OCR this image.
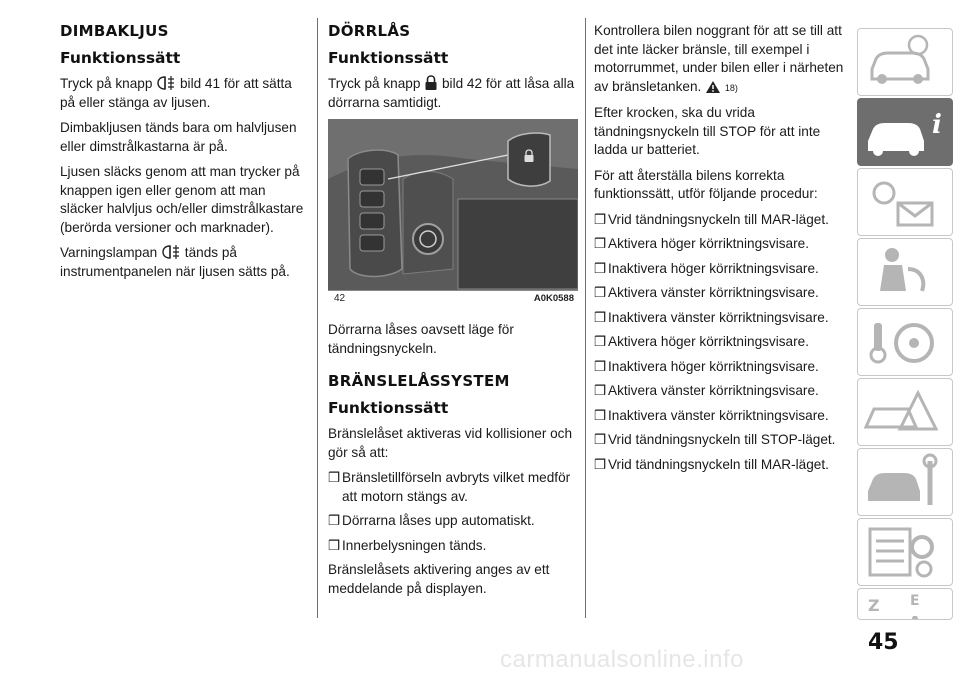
DIMBAKLJUS
Funktionssätt

Tryck på knapp bild 41 för att sätta på eller stänga av ljusen.

Dimbakljusen tänds bara om halvljusen eller dimstrålkastarna är på.

Ljusen släcks genom att man trycker på knappen igen eller genom att man släcker halvljus och/eller dimstrålkastare (berörda versioner och marknader).

Varningslampan tänds på instrumentpanelen när ljusen sätts på.

DÖRRLÅS
Funktionssätt

Tryck på knapp bild 42 för att låsa alla dörrarna samtidigt.

42	A0K0588

Dörrarna låses oavsett läge för tändningsnyckeln.

BRÄNSLELÅSSYSTEM
Funktionssätt

Bränslelåset aktiveras vid kollisioner och gör så att:

❒ Bränsletillförseln avbryts vilket medför att motorn stängs av.
❒ Dörrarna låses upp automatiskt.
❒ Innerbelysningen tänds.

Bränslelåsets aktivering anges av ett meddelande på displayen.

Kontrollera bilen noggrant för att se till att det inte läcker bränsle, till exempel i motorrummet, under bilen eller i närheten av bränsletanken.	18)

Efter krocken, ska du vrida tändningsnyckeln till STOP för att inte ladda ur batteriet.

För att återställa bilens korrekta funktionssätt, utför följande procedur:

❒ Vrid tändningsnyckeln till MAR-läget.
❒ Aktivera höger körriktningsvisare.
❒ Inaktivera höger körriktningsvisare.
❒ Aktivera vänster körriktningsvisare.
❒ Inaktivera vänster körriktningsvisare.
❒ Aktivera höger körriktningsvisare.
❒ Inaktivera höger körriktningsvisare.
❒ Aktivera vänster körriktningsvisare.
❒ Inaktivera vänster körriktningsvisare.
❒ Vrid tändningsnyckeln till STOP-läget.
❒ Vrid tändningsnyckeln till MAR-läget.
i
Z E
45
carmanualsonline.info
